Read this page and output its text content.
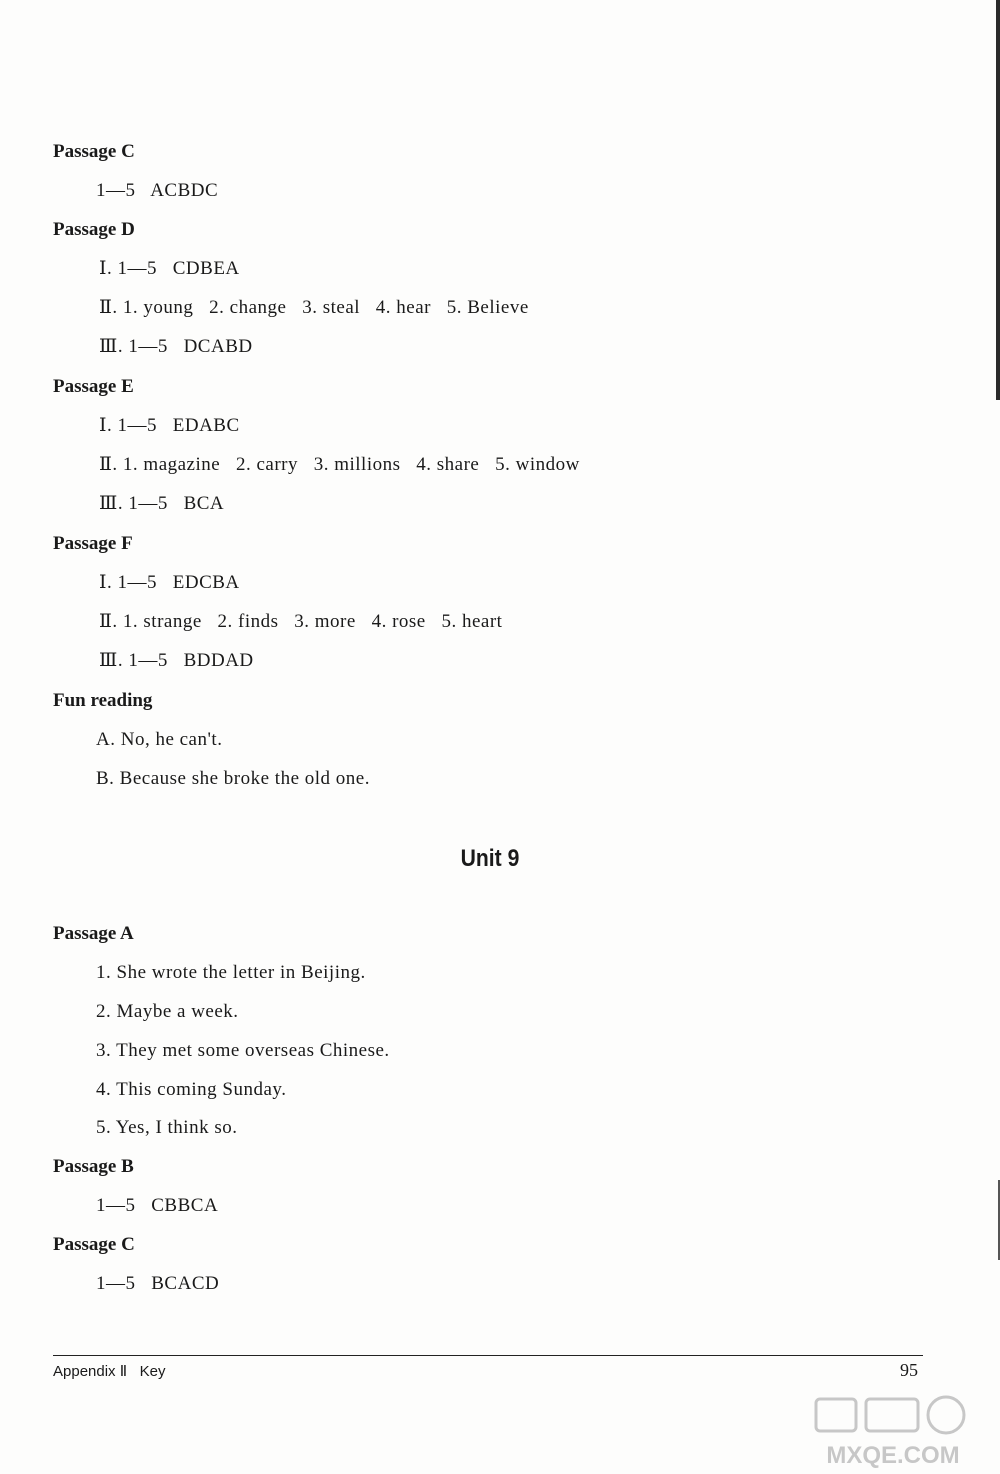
Passage C
1—5   ACBDC
Passage D
Ⅰ. 1—5   CDBEA
Ⅱ. 1. young   2. change   3. steal   4. hear   5. Believe
Ⅲ. 1—5   DCABD
Passage E
Ⅰ. 1—5   EDABC
Ⅱ. 1. magazine   2. carry   3. millions   4. share   5. window
Ⅲ. 1—5   BCA
Passage F
Ⅰ. 1—5   EDCBA
Ⅱ. 1. strange   2. finds   3. more   4. rose   5. heart
Ⅲ. 1—5   BDDAD
Fun reading
A. No, he can't.
B. Because she broke the old one.
Unit 9
Passage A
1. She wrote the letter in Beijing.
2. Maybe a week.
3. They met some overseas Chinese.
4. This coming Sunday.
5. Yes, I think so.
Passage B
1—5   CBBCA
Passage C
1—5   BCACD
Appendix Ⅱ   Key	95
MXQE.COM
